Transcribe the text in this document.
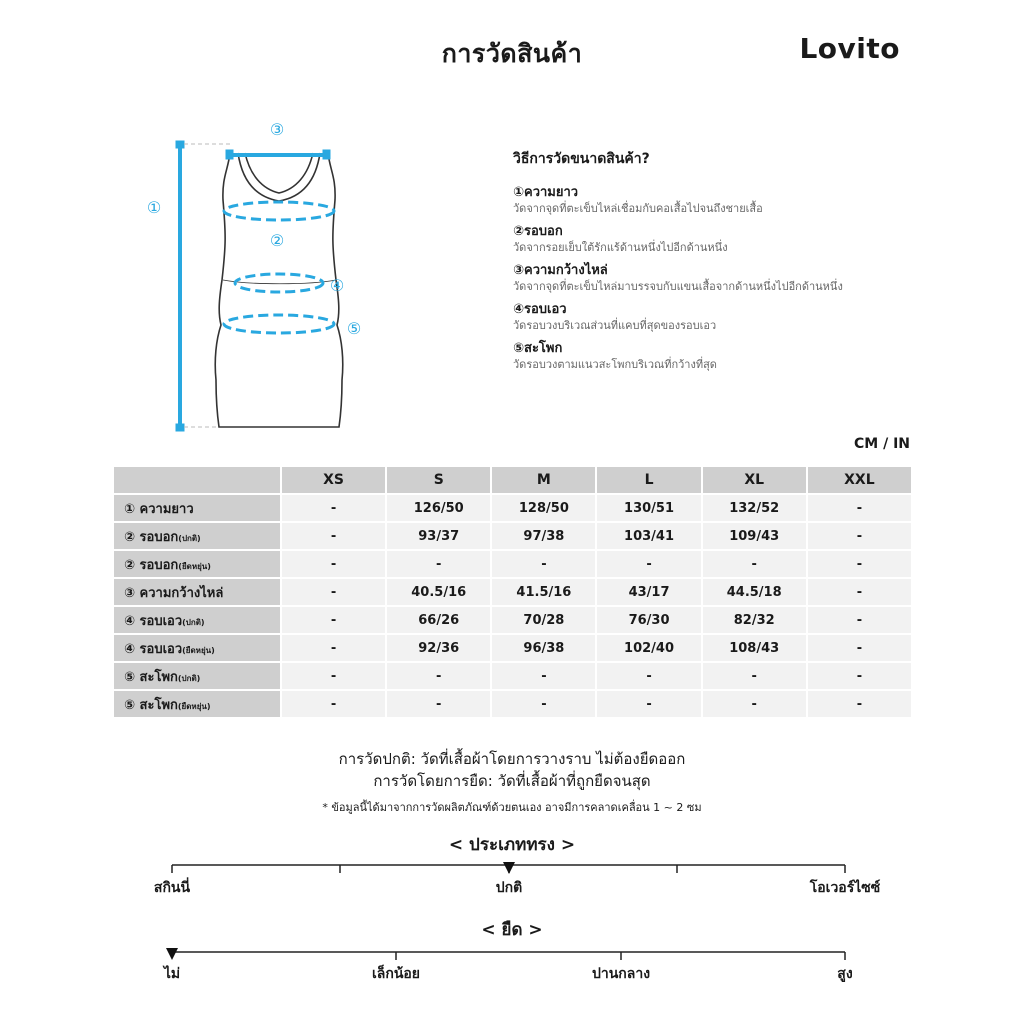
การวัดสินค้า	Lovito
①
②
③
④
⑤
วิธีการวัดขนาดสินค้า?
①ความยาว
วัดจากจุดที่ตะเข็บไหล่เชื่อมกับคอเสื้อไปจนถึงชายเสื้อ
②รอบอก
วัดจากรอยเย็บใต้รักแร้ด้านหนึ่งไปอีกด้านหนึ่ง
③ความกว้างไหล่
วัดจากจุดที่ตะเข็บไหล่มาบรรจบกับแขนเสื้อจากด้านหนึ่งไปอีกด้านหนึ่ง
④รอบเอว
วัดรอบวงบริเวณส่วนที่แคบที่สุดของรอบเอว
⑤สะโพก
วัดรอบวงตามแนวสะโพกบริเวณที่กว้างที่สุด
CM / IN
	XS	S	M	L	XL	XXL
① ความยาว	-	126/50	128/50	130/51	132/52	-
② รอบอก(ปกติ)	-	93/37	97/38	103/41	109/43	-
② รอบอก(ยืดหยุ่น)	-	-	-	-	-	-
③ ความกว้างไหล่	-	40.5/16	41.5/16	43/17	44.5/18	-
④ รอบเอว(ปกติ)	-	66/26	70/28	76/30	82/32	-
④ รอบเอว(ยืดหยุ่น)	-	92/36	96/38	102/40	108/43	-
⑤ สะโพก(ปกติ)	-	-	-	-	-	-
⑤ สะโพก(ยืดหยุ่น)	-	-	-	-	-	-
การวัดปกติ: วัดที่เสื้อผ้าโดยการวางราบ ไม่ต้องยืดออก
การวัดโดยการยืด: วัดที่เสื้อผ้าที่ถูกยืดจนสุด
* ข้อมูลนี้ได้มาจากการวัดผลิตภัณฑ์ด้วยตนเอง อาจมีการคลาดเคลื่อน 1 ~ 2 ซม
< ประเภททรง >
สกินนี่	ปกติ	โอเวอร์ไซซ์
< ยืด >
ไม่	เล็กน้อย	ปานกลาง	สูง
